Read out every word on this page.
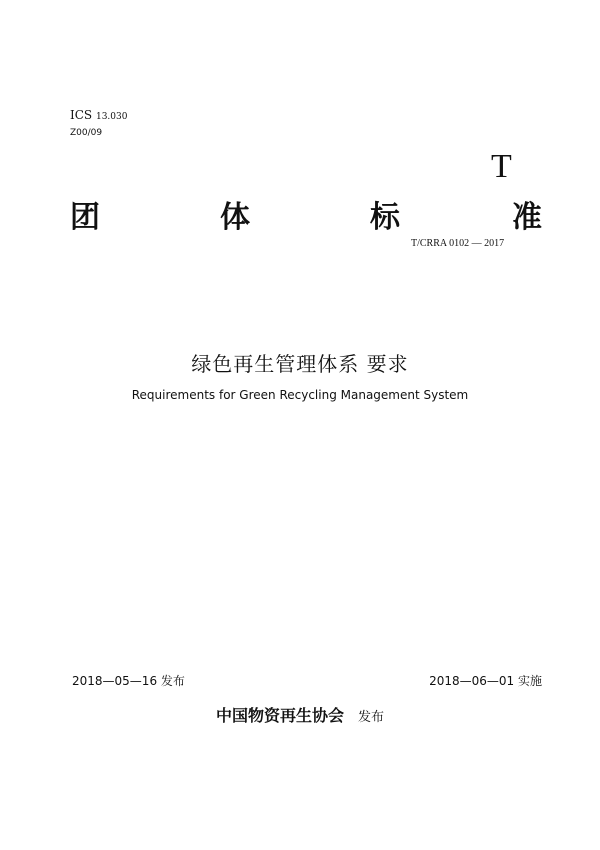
ICS 13.030
Z00/09
T
团	体	标	准
T/CRRA 0102 — 2017
绿色再生管理体系 要求
Requirements for Green Recycling Management System
2018—05—16 发布	2018—06—01 实施
中国物资再生协会 发布
